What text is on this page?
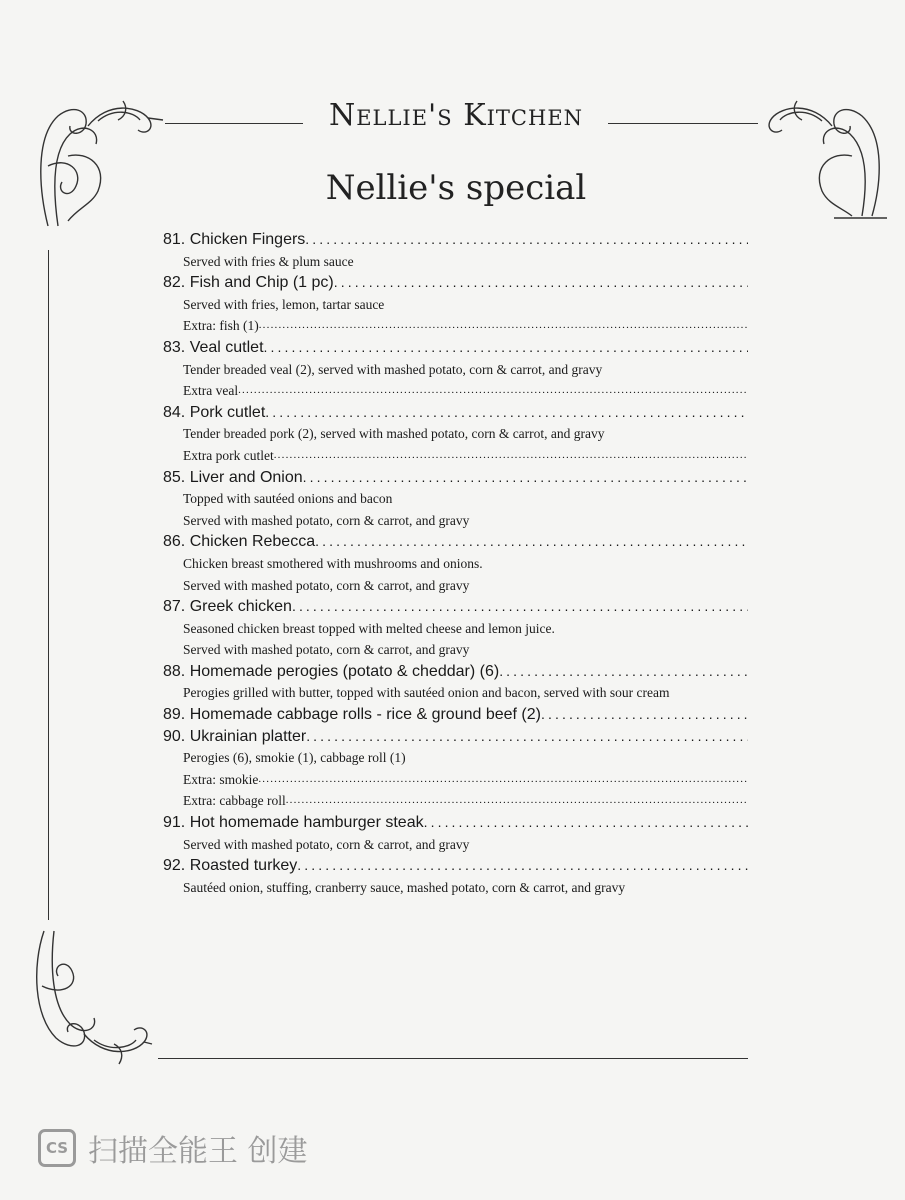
Nellie's Kitchen
Nellie's special
81. Chicken Fingers
.....
Served with fries & plum sauce
82. Fish and Chip (1 pc)
.....
Served with fries, lemon, tartar sauce
Extra: fish (1)
.....
83. Veal cutlet
.....
Tender breaded veal (2), served with mashed potato, corn & carrot, and gravy
Extra veal
.....
84. Pork cutlet
.....
Tender breaded pork (2), served with mashed potato, corn & carrot, and gravy
Extra pork cutlet
.....
85. Liver and Onion
.....
Topped with sautéed onions and bacon
Served with mashed potato, corn & carrot, and gravy
86. Chicken Rebecca
.....
Chicken breast smothered with mushrooms and onions.
Served with mashed potato, corn & carrot, and gravy
87. Greek chicken
.....
Seasoned chicken breast topped with melted cheese and lemon juice.
Served with mashed potato, corn & carrot, and gravy
88. Homemade perogies (potato & cheddar) (6)
.....
Perogies grilled with butter, topped with sautéed onion and bacon, served with sour cream
89. Homemade cabbage rolls - rice & ground beef (2)
.....
90. Ukrainian platter
.....
Perogies (6), smokie (1), cabbage roll (1)
Extra: smokie
.....
Extra: cabbage roll
.....
91. Hot homemade hamburger steak
.....
Served with mashed potato, corn & carrot, and gravy
92. Roasted turkey
.....
Sautéed onion, stuffing, cranberry sauce, mashed potato, corn & carrot, and gravy
CS 扫描全能王 创建
